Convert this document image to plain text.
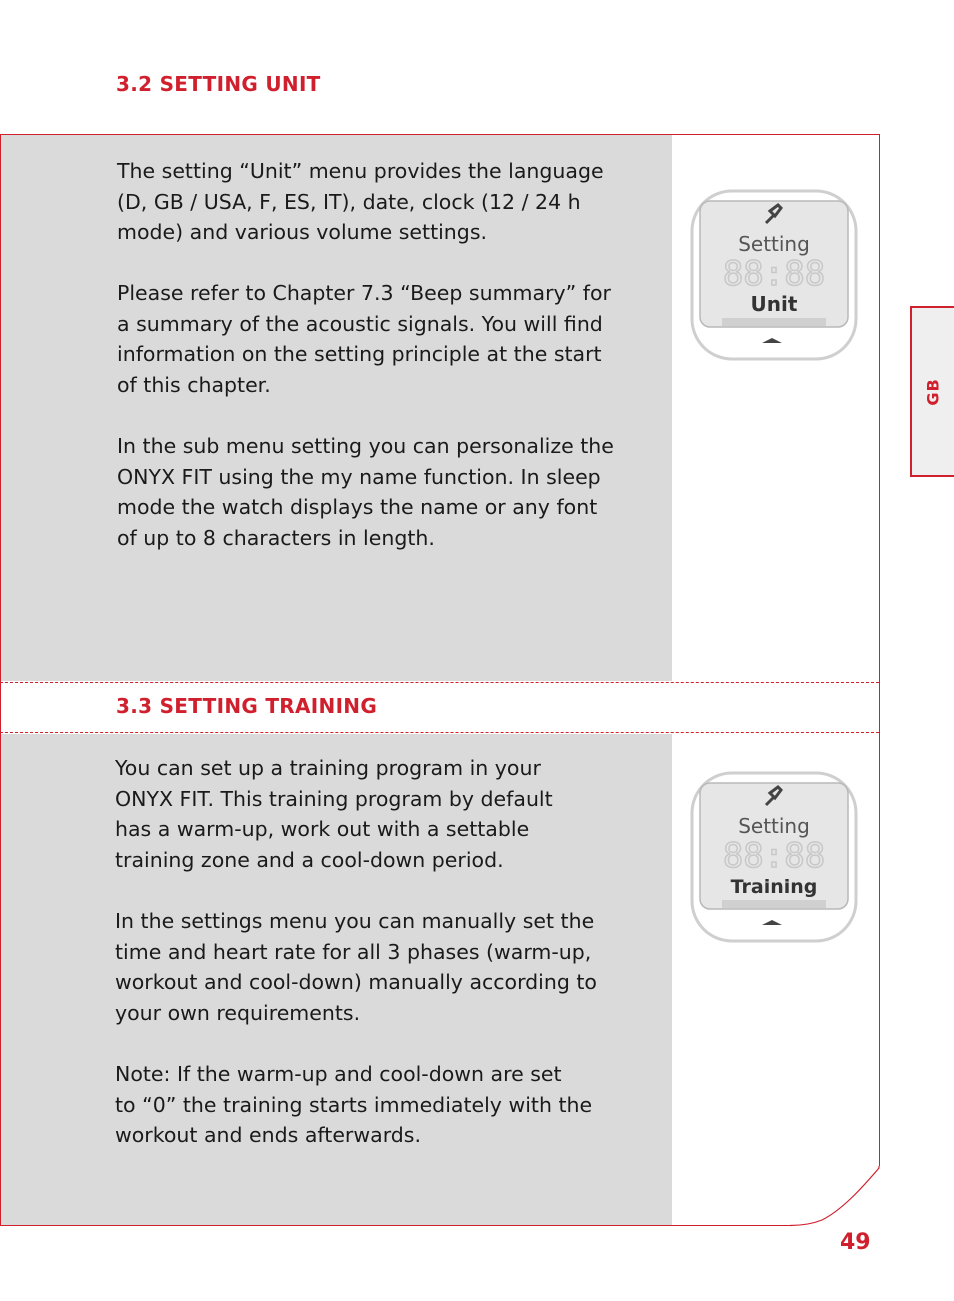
3.2 SETTING UNIT

The setting “Unit” menu provides the language
(D, GB / USA, F, ES, IT), date, clock (12 / 24 h
mode) and various volume settings.

Please refer to Chapter 7.3 “Beep summary” for
a summary of the acoustic signals. You will find
information on the setting principle at the start
of this chapter.

In the sub menu setting you can personalize the
ONYX FIT using the my name function. In sleep
mode the watch displays the name or any font
of up to 8 characters in length.

Setting
88:88
Unit
3.3 SETTING TRAINING

You can set up a training program in your
ONYX FIT. This training program by default
has a warm-up, work out with a settable
training zone and a cool-down period.

In the settings menu you can manually set the
time and heart rate for all 3 phases (warm-up,
workout and cool-down) manually according to
your own requirements.

Note: If the warm-up and cool-down are set
to “0” the training starts immediately with the
workout and ends afterwards.

Setting
88:88
Training
GB
49
